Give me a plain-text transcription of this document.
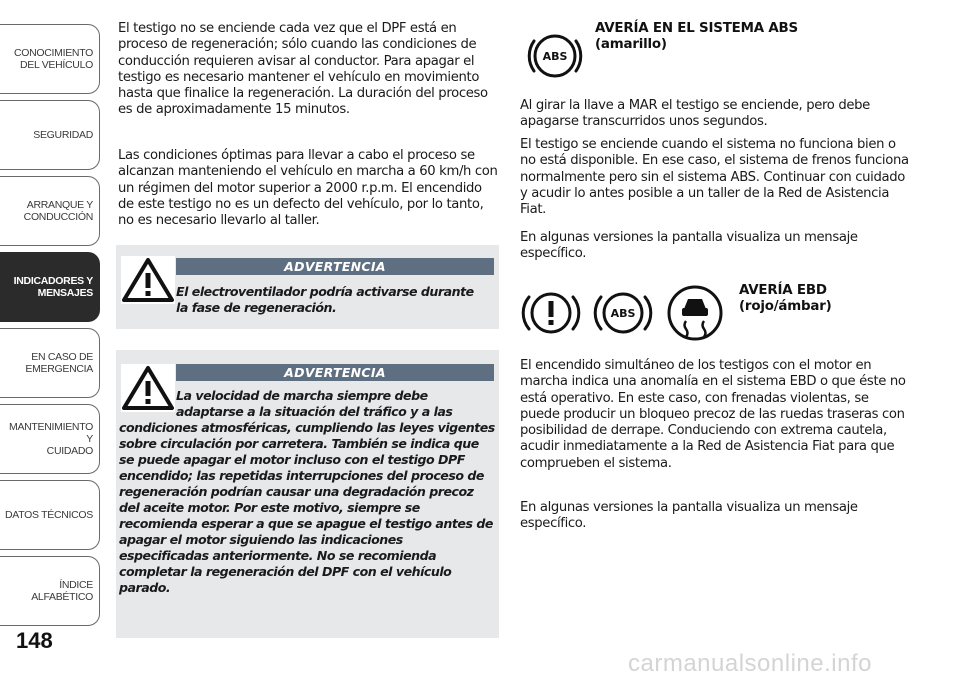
CONOCIMIENTO
DEL VEHÍCULO
SEGURIDAD
ARRANQUE Y
CONDUCCIÓN
INDICADORES Y
MENSAJES
EN CASO DE
EMERGENCIA
MANTENIMIENTO Y
CUIDADO
DATOS TÉCNICOS
ÍNDICE ALFABÉTICO
148

El testigo no se enciende cada vez que el DPF está en proceso de regeneración; sólo cuando las condiciones de conducción requieren avisar al conductor. Para apagar el testigo es necesario mantener el vehículo en movimiento hasta que finalice la regeneración. La duración del proceso es de aproximadamente 15 minutos.

Las condiciones óptimas para llevar a cabo el proceso se alcanzan manteniendo el vehículo en marcha a 60 km/h con un régimen del motor superior a 2000 r.p.m. El encendido de este testigo no es un defecto del vehículo, por lo tanto, no es necesario llevarlo al taller.

ADVERTENCIA

El electroventilador podría activarse durante la fase de regeneración.

ADVERTENCIA

La velocidad de marcha siempre debe adaptarse a la situación del tráfico y a las

condiciones atmosféricas, cumpliendo las leyes vigentes sobre circulación por carretera. También se indica que se puede apagar el motor incluso con el testigo DPF encendido; las repetidas interrupciones del proceso de regeneración podrían causar una degradación precoz del aceite motor. Por este motivo, siempre se recomienda esperar a que se apague el testigo antes de apagar el motor siguiendo las indicaciones especificadas anteriormente. No se recomienda completar la regeneración del DPF con el vehículo parado.

ABS
AVERÍA EN EL SISTEMA ABS
(amarillo)

Al girar la llave a MAR el testigo se enciende, pero debe apagarse transcurridos unos segundos.

El testigo se enciende cuando el sistema no funciona bien o no está disponible. En ese caso, el sistema de frenos funciona normalmente pero sin el sistema ABS. Continuar con cuidado y acudir lo antes posible a un taller de la Red de Asistencia Fiat.

En algunas versiones la pantalla visualiza un mensaje específico.

ABS
AVERÍA EBD
(rojo/ámbar)

El encendido simultáneo de los testigos con el motor en marcha indica una anomalía en el sistema EBD o que éste no está operativo. En este caso, con frenadas violentas, se puede producir un bloqueo precoz de las ruedas traseras con posibilidad de derrape. Conduciendo con extrema cautela, acudir inmediatamente a la Red de Asistencia Fiat para que comprueben el sistema.

En algunas versiones la pantalla visualiza un mensaje específico.

carmanualsonline.info
